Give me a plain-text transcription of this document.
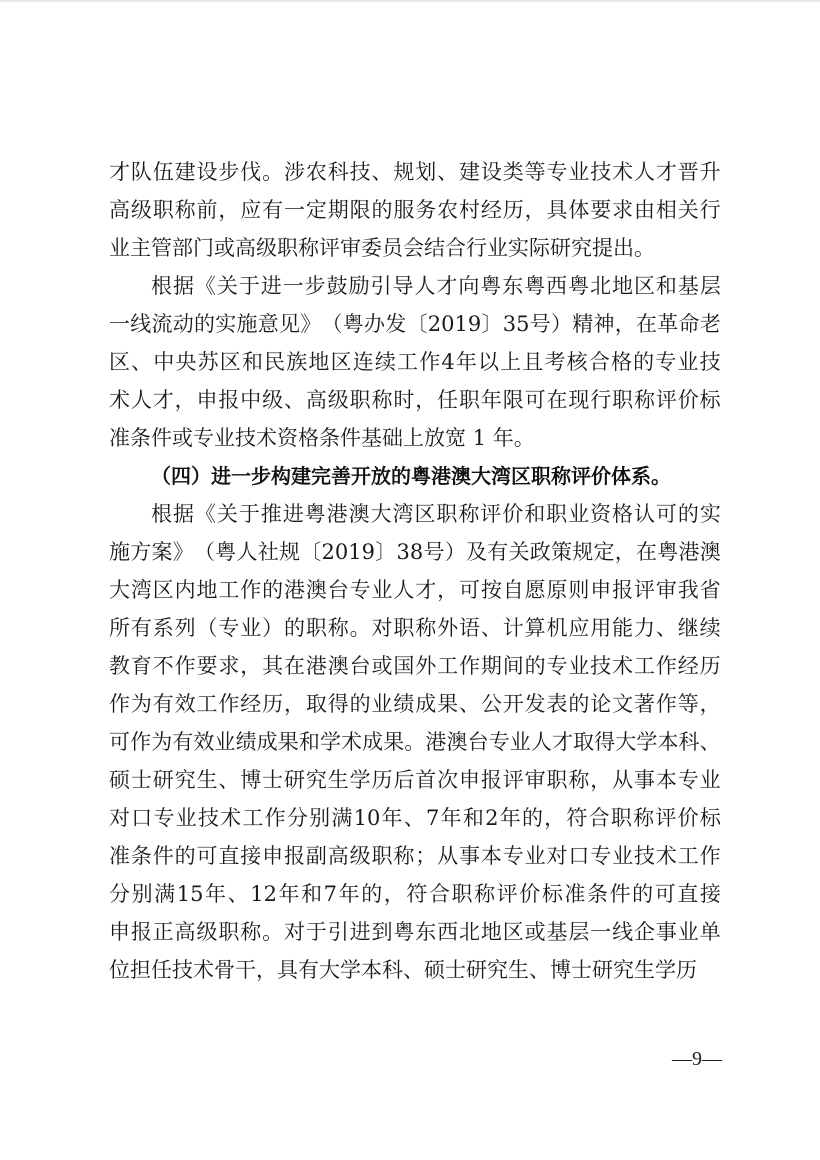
才 队 伍 建 设 步 伐 。 涉 农 科 技 、 规 划 、 建 设 类 等 专 业 技 术 人 才 晋 升
高 级 职 称 前 ， 应 有 一 定 期 限 的 服 务 农 村 经 历 ， 具 体 要 求 由 相 关 行
业主管部门或高级职称评审委员会结合行业实际研究提出。
根 据 《 关 于 进 一 步 鼓 励 引 导 人 才 向 粤 东 粤 西 粤 北 地 区 和 基 层
一 线 流 动 的 实 施 意 见 》 （ 粤 办 发 〔 2019 〕 35 号 ） 精 神 ， 在 革 命 老
区 、 中 央 苏 区 和 民 族 地 区 连 续 工 作 4 年 以 上 且 考 核 合 格 的 专 业 技
术 人 才 ， 申 报 中 级 、 高 级 职 称 时 ， 任 职 年 限 可 在 现 行 职 称 评 价 标
准条件或专业技术资格条件基础上放宽 1 年。
（四）进一步构建完善开放的粤港澳大湾区职称评价体系。
根 据 《 关 于 推 进 粤 港 澳 大 湾 区 职 称 评 价 和 职 业 资 格 认 可 的 实
施 方 案 》 （ 粤 人 社 规 〔 2019 〕 38 号 ） 及 有 关 政 策 规 定 ， 在 粤 港 澳
大 湾 区 内 地 工 作 的 港 澳 台 专 业 人 才 ， 可 按 自 愿 原 则 申 报 评 审 我 省
所 有 系 列 （ 专 业 ） 的 职 称 。 对 职 称 外 语 、 计 算 机 应 用 能 力 、 继 续
教 育 不 作 要 求 ， 其 在 港 澳 台 或 国 外 工 作 期 间 的 专 业 技 术 工 作 经 历
作 为 有 效 工 作 经 历 ， 取 得 的 业 绩 成 果 、 公 开 发 表 的 论 文 著 作 等 ，
可 作 为 有 效 业 绩 成 果 和 学 术 成 果 。 港 澳 台 专 业 人 才 取 得 大 学 本 科 、
硕 士 研 究 生 、 博 士 研 究 生 学 历 后 首 次 申 报 评 审 职 称 ， 从 事 本 专 业
对 口 专 业 技 术 工 作 分 别 满 10 年 、 7 年 和 2 年 的 ， 符 合 职 称 评 价 标
准 条 件 的 可 直 接 申 报 副 高 级 职 称 ； 从 事 本 专 业 对 口 专 业 技 术 工 作
分 别 满 15 年 、 12 年 和 7 年 的 ， 符 合 职 称 评 价 标 准 条 件 的 可 直 接
申 报 正 高 级 职 称 。 对 于 引 进 到 粤 东 西 北 地 区 或 基 层 一 线 企 事 业 单
位担任技术骨干，具有大学本科、硕士研究生、博士研究生学历
—9—
